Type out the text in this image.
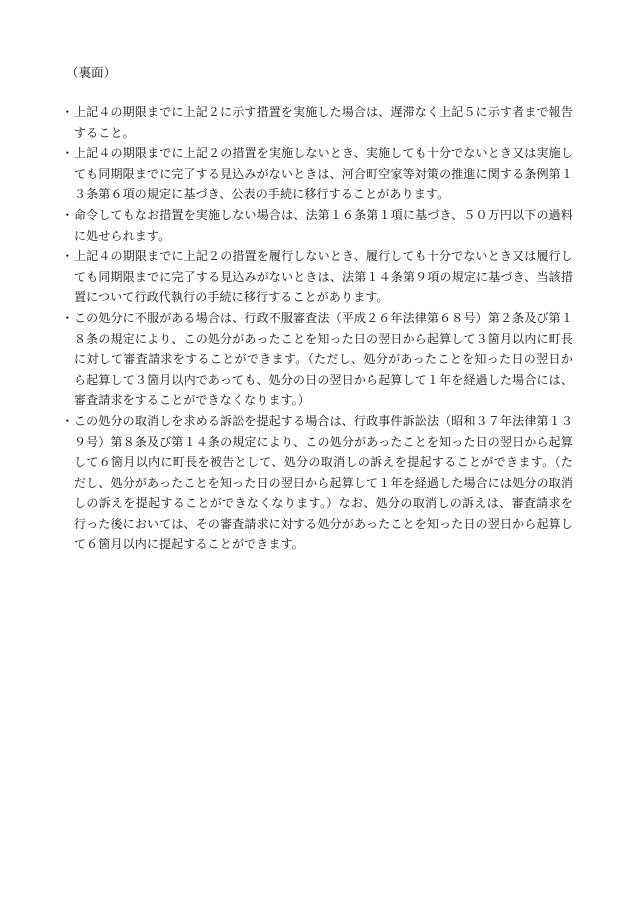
（裏面）
・ 上記４の期限までに上記２に示す措置を実施した場合は、遅滞なく上記５に示す者まで報告すること。
・ 上記４の期限までに上記２の措置を実施しないとき、実施しても十分でないとき又は実施しても同期限までに完了する見込みがないときは、河合町空家等対策の推進に関する条例第１３条第６項の規定に基づき、公表の手続に移行することがあります。
・ 命令してもなお措置を実施しない場合は、法第１６条第１項に基づき、５０万円以下の過料に処せられます。
・ 上記４の期限までに上記２の措置を履行しないとき、履行しても十分でないとき又は履行しても同期限までに完了する見込みがないときは、法第１４条第９項の規定に基づき、当該措置について行政代執行の手続に移行することがあります。
・ この処分に不服がある場合は、行政不服審査法（平成２６年法律第６８号）第２条及び第１８条の規定により、この処分があったことを知った日の翌日から起算して３箇月以内に町長に対して審査請求をすることができます。（ただし、処分があったことを知った日の翌日から起算して３箇月以内であっても、処分の日の翌日から起算して１年を経過した場合には、審査請求をすることができなくなります。）
・ この処分の取消しを求める訴訟を提起する場合は、行政事件訴訟法（昭和３７年法律第１３９号）第８条及び第１４条の規定により、この処分があったことを知った日の翌日から起算して６箇月以内に町長を被告として、処分の取消しの訴えを提起することができます。（ただし、処分があったことを知った日の翌日から起算して１年を経過した場合には処分の取消しの訴えを提起することができなくなります。）なお、処分の取消しの訴えは、審査請求を行った後においては、その審査請求に対する処分があったことを知った日の翌日から起算して６箇月以内に提起することができます。
